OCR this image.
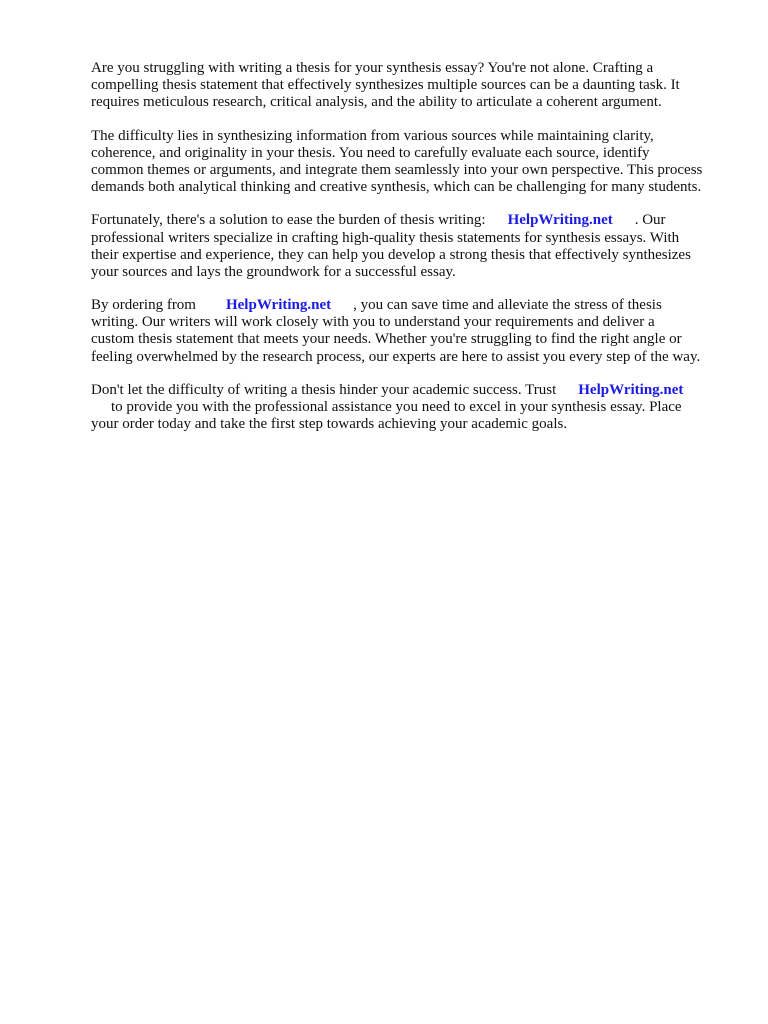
Are you struggling with writing a thesis for your synthesis essay? You're not alone. Crafting a
compelling thesis statement that effectively synthesizes multiple sources can be a daunting task. It
requires meticulous research, critical analysis, and the ability to articulate a coherent argument.

The difficulty lies in synthesizing information from various sources while maintaining clarity,
coherence, and originality in your thesis. You need to carefully evaluate each source, identify
common themes or arguments, and integrate them seamlessly into your own perspective. This process
demands both analytical thinking and creative synthesis, which can be challenging for many students.

Fortunately, there's a solution to ease the burden of thesis writing: HelpWriting.net . Our
professional writers specialize in crafting high-quality thesis statements for synthesis essays. With
their expertise and experience, they can help you develop a strong thesis that effectively synthesizes
your sources and lays the groundwork for a successful essay.

By ordering from HelpWriting.net , you can save time and alleviate the stress of thesis
writing. Our writers will work closely with you to understand your requirements and deliver a
custom thesis statement that meets your needs. Whether you're struggling to find the right angle or
feeling overwhelmed by the research process, our experts are here to assist you every step of the way.

Don't let the difficulty of writing a thesis hinder your academic success. Trust HelpWriting.net
to provide you with the professional assistance you need to excel in your synthesis essay. Place
your order today and take the first step towards achieving your academic goals.
